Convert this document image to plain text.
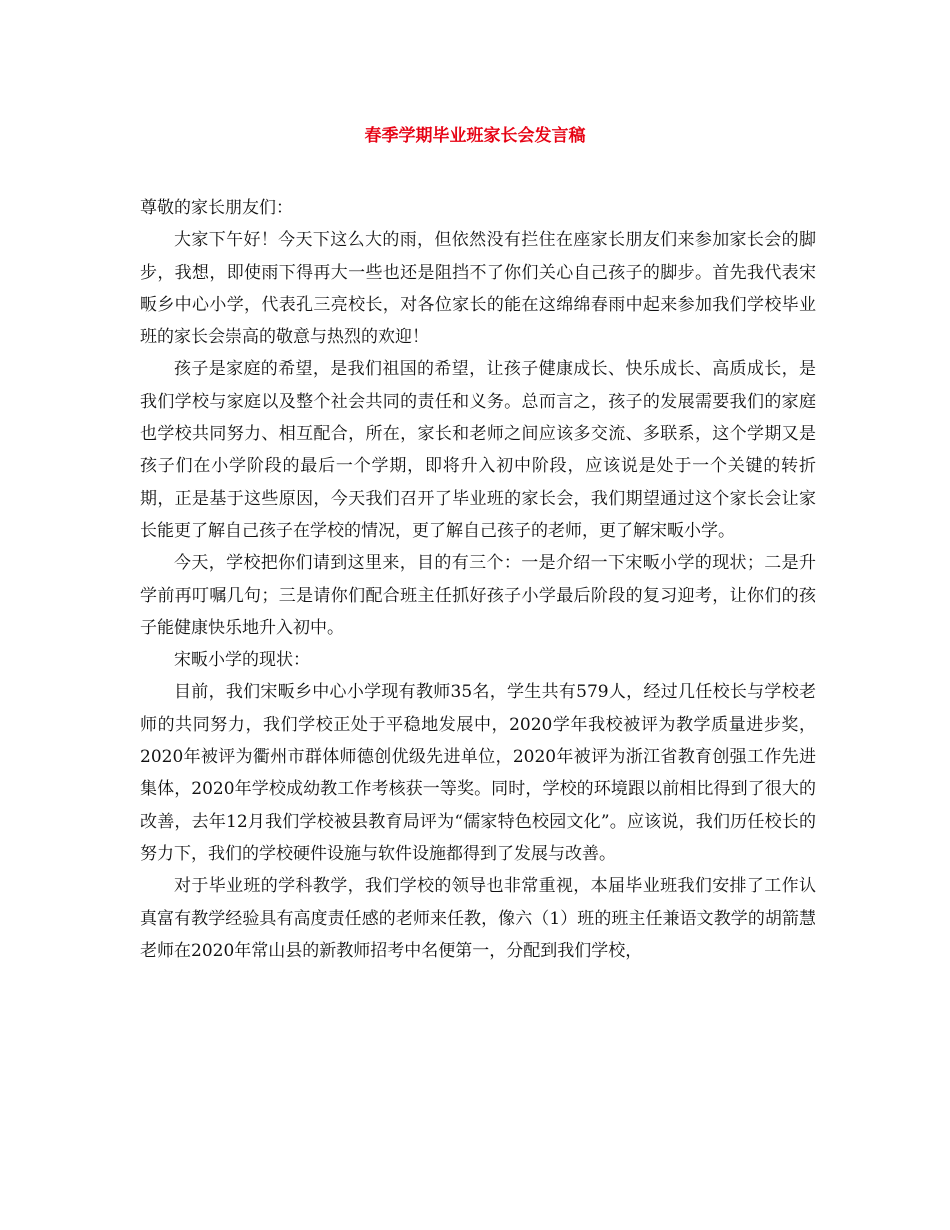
春季学期毕业班家长会发言稿

尊敬的家长朋友们：

大家下午好！今天下这么大的雨，但依然没有拦住在座家长朋友们来参加家长会的脚步，我想，即使雨下得再大一些也还是阻挡不了你们关心自己孩子的脚步。首先我代表宋畈乡中心小学，代表孔三亮校长，对各位家长的能在这绵绵春雨中起来参加我们学校毕业班的家长会崇高的敬意与热烈的欢迎！

孩子是家庭的希望，是我们祖国的希望，让孩子健康成长、快乐成长、高质成长，是我们学校与家庭以及整个社会共同的责任和义务。总而言之，孩子的发展需要我们的家庭也学校共同努力、相互配合，所在，家长和老师之间应该多交流、多联系，这个学期又是孩子们在小学阶段的最后一个学期，即将升入初中阶段，应该说是处于一个关键的转折期，正是基于这些原因，今天我们召开了毕业班的家长会，我们期望通过这个家长会让家长能更了解自己孩子在学校的情况，更了解自己孩子的老师，更了解宋畈小学。

今天，学校把你们请到这里来，目的有三个：一是介绍一下宋畈小学的现状；二是升学前再叮嘱几句；三是请你们配合班主任抓好孩子小学最后阶段的复习迎考，让你们的孩子能健康快乐地升入初中。

宋畈小学的现状：

目前，我们宋畈乡中心小学现有教师35名，学生共有579人，经过几任校长与学校老师的共同努力，我们学校正处于平稳地发展中，2020学年我校被评为教学质量进步奖，2020年被评为衢州市群体师德创优级先进单位，2020年被评为浙江省教育创强工作先进集体，2020年学校成幼教工作考核获一等奖。同时，学校的环境跟以前相比得到了很大的改善，去年12月我们学校被县教育局评为“儒家特色校园文化”。应该说，我们历任校长的努力下，我们的学校硬件设施与软件设施都得到了发展与改善。

对于毕业班的学科教学，我们学校的领导也非常重视，本届毕业班我们安排了工作认真富有教学经验具有高度责任感的老师来任教，像六（1）班的班主任兼语文教学的胡箭慧老师在2020年常山县的新教师招考中名便第一，分配到我们学校，
